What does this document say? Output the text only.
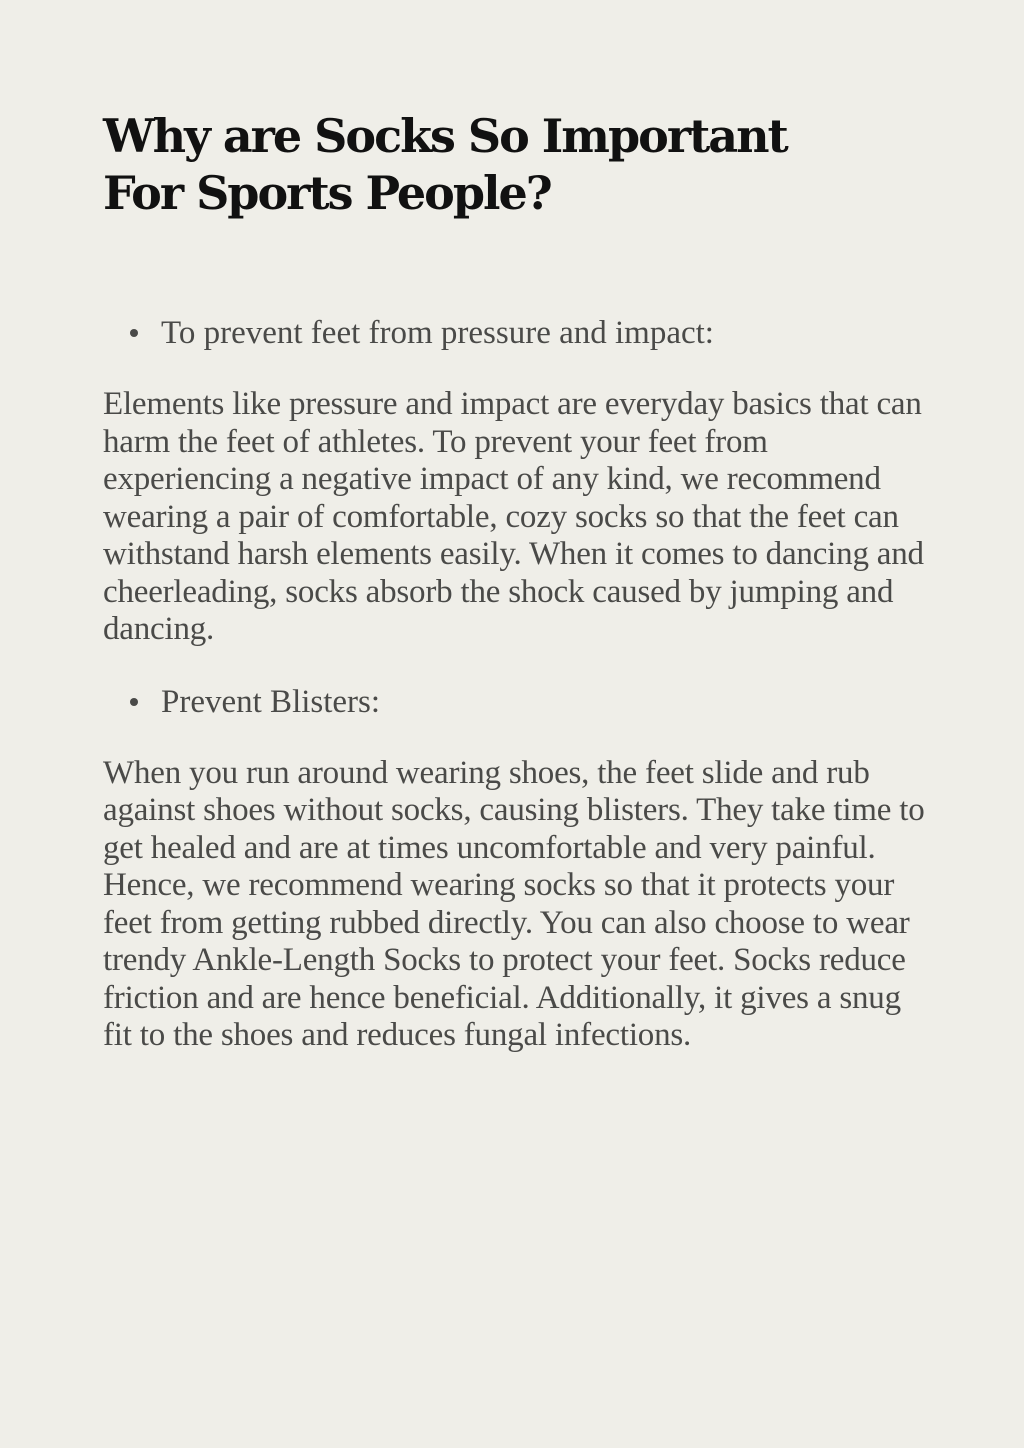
Why are Socks So Important For Sports People?
To prevent feet from pressure and impact:

Elements like pressure and impact are everyday basics that can harm the feet of athletes. To prevent your feet from experiencing a negative impact of any kind, we recommend wearing a pair of comfortable, cozy socks so that the feet can withstand harsh elements easily. When it comes to dancing and cheerleading, socks absorb the shock caused by jumping and dancing.

Prevent Blisters:

When you run around wearing shoes, the feet slide and rub against shoes without socks, causing blisters. They take time to get healed and are at times uncomfortable and very painful. Hence, we recommend wearing socks so that it protects your feet from getting rubbed directly. You can also choose to wear trendy Ankle-Length Socks to protect your feet. Socks reduce friction and are hence beneficial. Additionally, it gives a snug fit to the shoes and reduces fungal infections.
